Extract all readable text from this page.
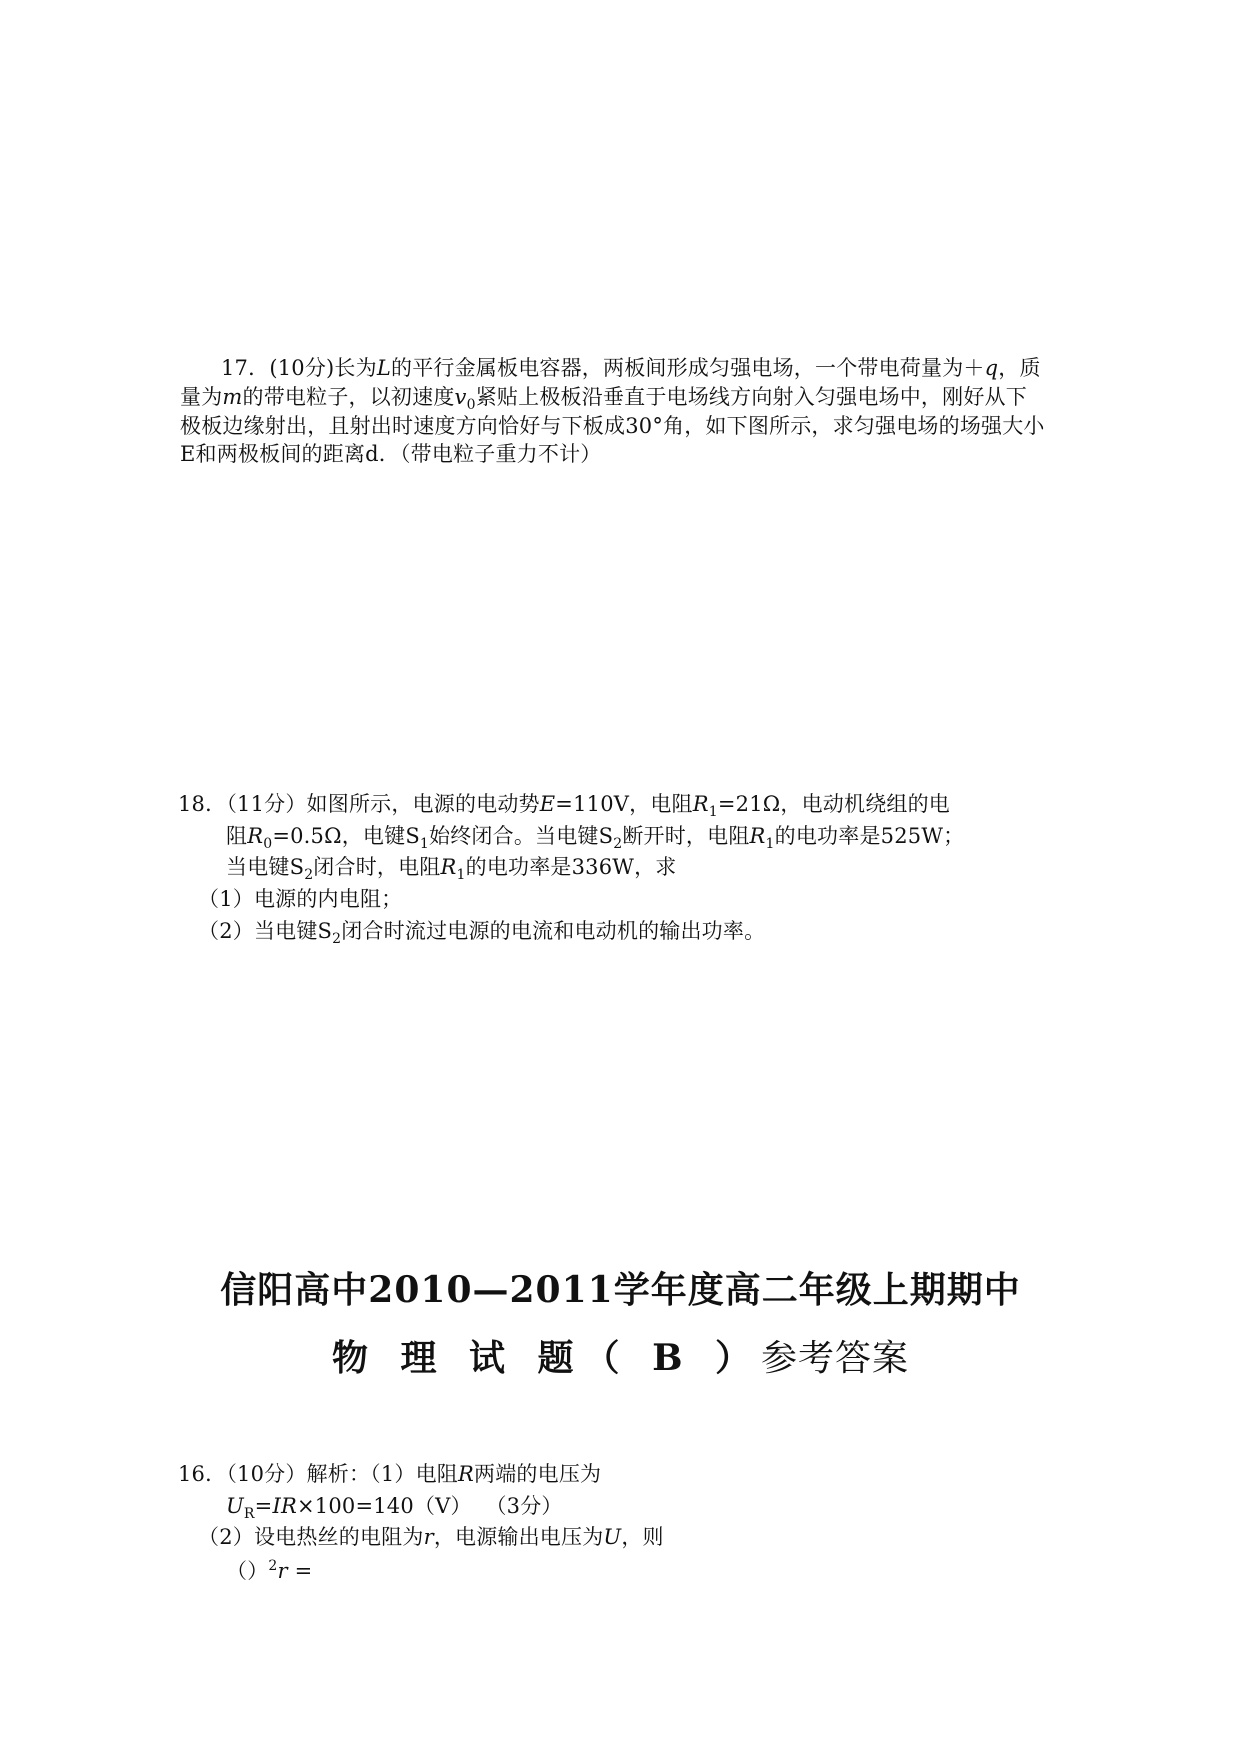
17．(10分)长为L的平行金属板电容器，两板间形成匀强电场，一个带电荷量为＋q，质
量为m的带电粒子，以初速度$v_0$紧贴上极板沿垂直于电场线方向射入匀强电场中，刚好从下
极板边缘射出，且射出时速度方向恰好与下板成30°角，如下图所示，求匀强电场的场强大小
E和两极板间的距离d．（带电粒子重力不计）
18．（11分）如图所示，电源的电动势E=110V，电阻$R_1=21\Omega$，电动机绕组的电
阻$R_0=0.5\Omega$，电键$S_1$始终闭合。当电键$S_2$断开时，电阻$R_1$的电功率是525W；
当电键$S_2$闭合时，电阻$R_1$的电功率是336W，求
（1）电源的内电阻；
（2）当电键$S_2$闭合时流过电源的电流和电动机的输出功率。
信阳高中2010—2011学年度高二年级上期期中
物 理 试 题（ B ）参考答案
16．（10分）解析：（1）电阻R两端的电压为
$U_R=IR\times 100=140(V)$  （3分）
（2）设电热丝的电阻为r，电源输出电压为U，则
（）$^2$r =
